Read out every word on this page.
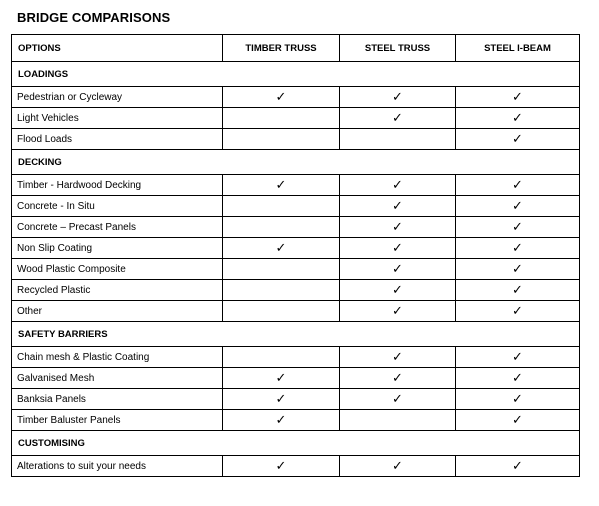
BRIDGE COMPARISONS
OPTIONS	TIMBER TRUSS	STEEL TRUSS	STEEL I-BEAM
LOADINGS			
Pedestrian or Cycleway	✓	✓	✓
Light Vehicles		✓	✓
Flood Loads			✓
DECKING			
Timber - Hardwood Decking	✓	✓	✓
Concrete - In Situ		✓	✓
Concrete – Precast Panels		✓	✓
Non Slip Coating	✓	✓	✓
Wood Plastic Composite		✓	✓
Recycled Plastic		✓	✓
Other		✓	✓
SAFETY BARRIERS			
Chain mesh & Plastic Coating		✓	✓
Galvanised Mesh	✓	✓	✓
Banksia Panels	✓	✓	✓
Timber Baluster Panels	✓		✓
CUSTOMISING			
Alterations to suit your needs	✓	✓	✓
